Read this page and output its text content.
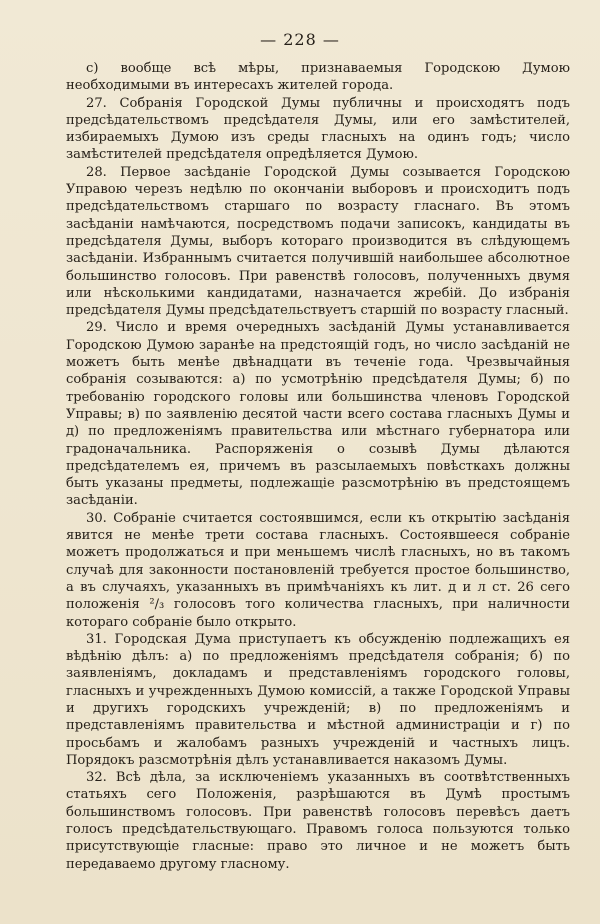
— 228 —

с) вообще всѣ мѣры, признаваемыя Городскою Думою необходимыми въ интересахъ жителей города.

27. Собранія Городской Думы публичны и происходятъ подъ предсѣдательствомъ предсѣдателя Думы, или его замѣстителей, избираемыхъ Думою изъ среды гласныхъ на одинъ годъ; число замѣстителей предсѣдателя опредѣляется Думою.

28. Первое засѣданіе Городской Думы созывается Городскою Управою черезъ недѣлю по окончаніи выборовъ и происходитъ подъ предсѣдательствомъ старшаго по возрасту гласнаго. Въ этомъ засѣданіи намѣчаются, посредствомъ подачи записокъ, кандидаты въ предсѣдателя Думы, выборъ котораго производится въ слѣдующемъ засѣданіи. Избраннымъ считается получившій наибольшее абсолютное большинство голосовъ. При равенствѣ голосовъ, полученныхъ двумя или нѣсколькими кандидатами, назначается жребій. До избранія предсѣдателя Думы предсѣдательствуетъ старшій по возрасту гласный.

29. Число и время очередныхъ засѣданій Думы устанавливается Городскою Думою заранѣе на предстоящій годъ, но число засѣданій не можетъ быть менѣе двѣнадцати въ теченіе года. Чрезвычайныя собранія созываются: а) по усмотрѣнію предсѣдателя Думы; б) по требованію городского головы или большинства членовъ Городской Управы; в) по заявленію десятой части всего состава гласныхъ Думы и д) по предложеніямъ правительства или мѣстнаго губернатора или градоначальника. Распоряженія о созывѣ Думы дѣлаются предсѣдателемъ ея, причемъ въ разсылаемыхъ повѣсткахъ должны быть указаны предметы, подлежащіе разсмотрѣнію въ предстоящемъ засѣданіи.

30. Собраніе считается состоявшимся, если къ открытію засѣданія явится не менѣе трети состава гласныхъ. Состоявшееся собраніе можетъ продолжаться и при меньшемъ числѣ гласныхъ, но въ такомъ случаѣ для законности постановленій требуется простое большинство, а въ случаяхъ, указанныхъ въ примѣчаніяхъ къ лит. д и л ст. 26 сего положенія ²/₃ голосовъ того количества гласныхъ, при наличности котораго собраніе было открыто.

31. Городская Дума приступаетъ къ обсужденію подлежащихъ ея вѣдѣнію дѣлъ: а) по предложеніямъ предсѣдателя собранія; б) по заявленіямъ, докладамъ и представленіямъ городского головы, гласныхъ и учрежденныхъ Думою комиссій, а также Городской Управы и другихъ городскихъ учрежденій; в) по предложеніямъ и представленіямъ правительства и мѣстной администраціи и г) по просьбамъ и жалобамъ разныхъ учрежденій и частныхъ лицъ. Порядокъ разсмотрѣнія дѣлъ устанавливается наказомъ Думы.

32. Всѣ дѣла, за исключеніемъ указанныхъ въ соотвѣтственныхъ статьяхъ сего Положенія, разрѣшаются въ Думѣ простымъ большинствомъ голосовъ. При равенствѣ голосовъ перевѣсъ даетъ голосъ предсѣдательствующаго. Правомъ голоса пользуются только присутствующіе гласные: право это личное и не можетъ быть передаваемо другому гласному.
